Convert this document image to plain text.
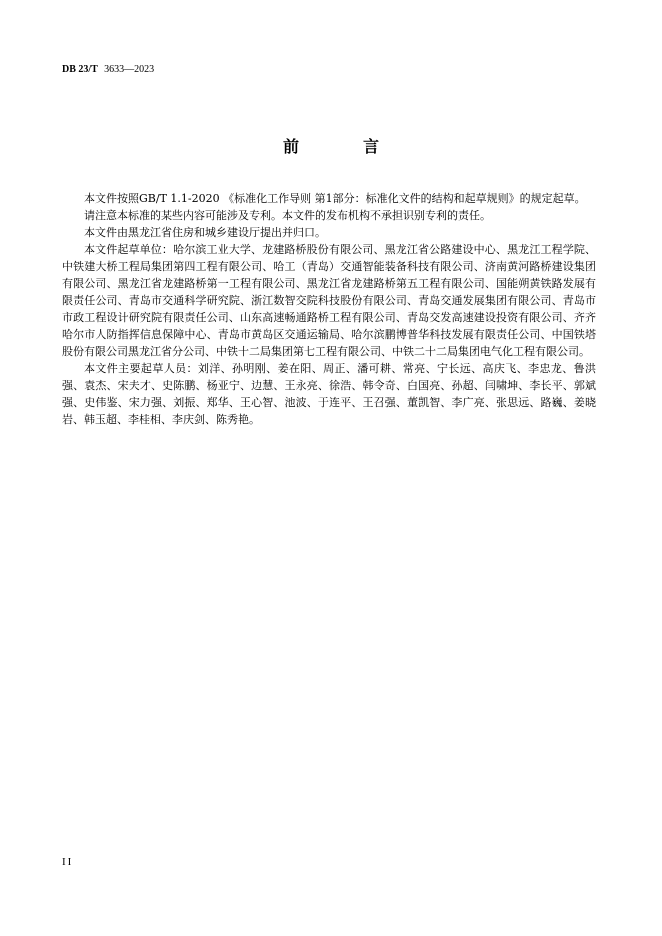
DB 23/T 3633—2023
前　言

本文件按照GB/T 1.1-2020 《标准化工作导则 第1部分：标准化文件的结构和起草规则》的规定起草。

请注意本标准的某些内容可能涉及专利。本文件的发布机构不承担识别专利的责任。

本文件由黑龙江省住房和城乡建设厅提出并归口。

本文件起草单位：哈尔滨工业大学、龙建路桥股份有限公司、黑龙江省公路建设中心、黑龙江工程学院、中铁建大桥工程局集团第四工程有限公司、哈工（青岛）交通智能装备科技有限公司、济南黄河路桥建设集团有限公司、黑龙江省龙建路桥第一工程有限公司、黑龙江省龙建路桥第五工程有限公司、国能朔黄铁路发展有限责任公司、青岛市交通科学研究院、浙江数智交院科技股份有限公司、青岛交通发展集团有限公司、青岛市市政工程设计研究院有限责任公司、山东高速畅通路桥工程有限公司、青岛交发高速建设投资有限公司、齐齐哈尔市人防指挥信息保障中心、青岛市黄岛区交通运输局、哈尔滨鹏博普华科技发展有限责任公司、中国铁塔股份有限公司黑龙江省分公司、中铁十二局集团第七工程有限公司、中铁二十二局集团电气化工程有限公司。

本文件主要起草人员：刘洋、孙明刚、姜在阳、周正、潘可耕、常亮、宁长远、高庆飞、李忠龙、鲁洪强、袁杰、宋夫才、史陈鹏、杨亚宁、边慧、王永亮、徐浩、韩令奇、白国亮、孙超、闫啸坤、李长平、郭斌强、史伟鉴、宋力强、刘振、郑华、王心智、池波、于连平、王召强、董凯智、李广亮、张思远、路巍、姜晓岩、韩玉超、李桂相、李庆剑、陈秀艳。

II
